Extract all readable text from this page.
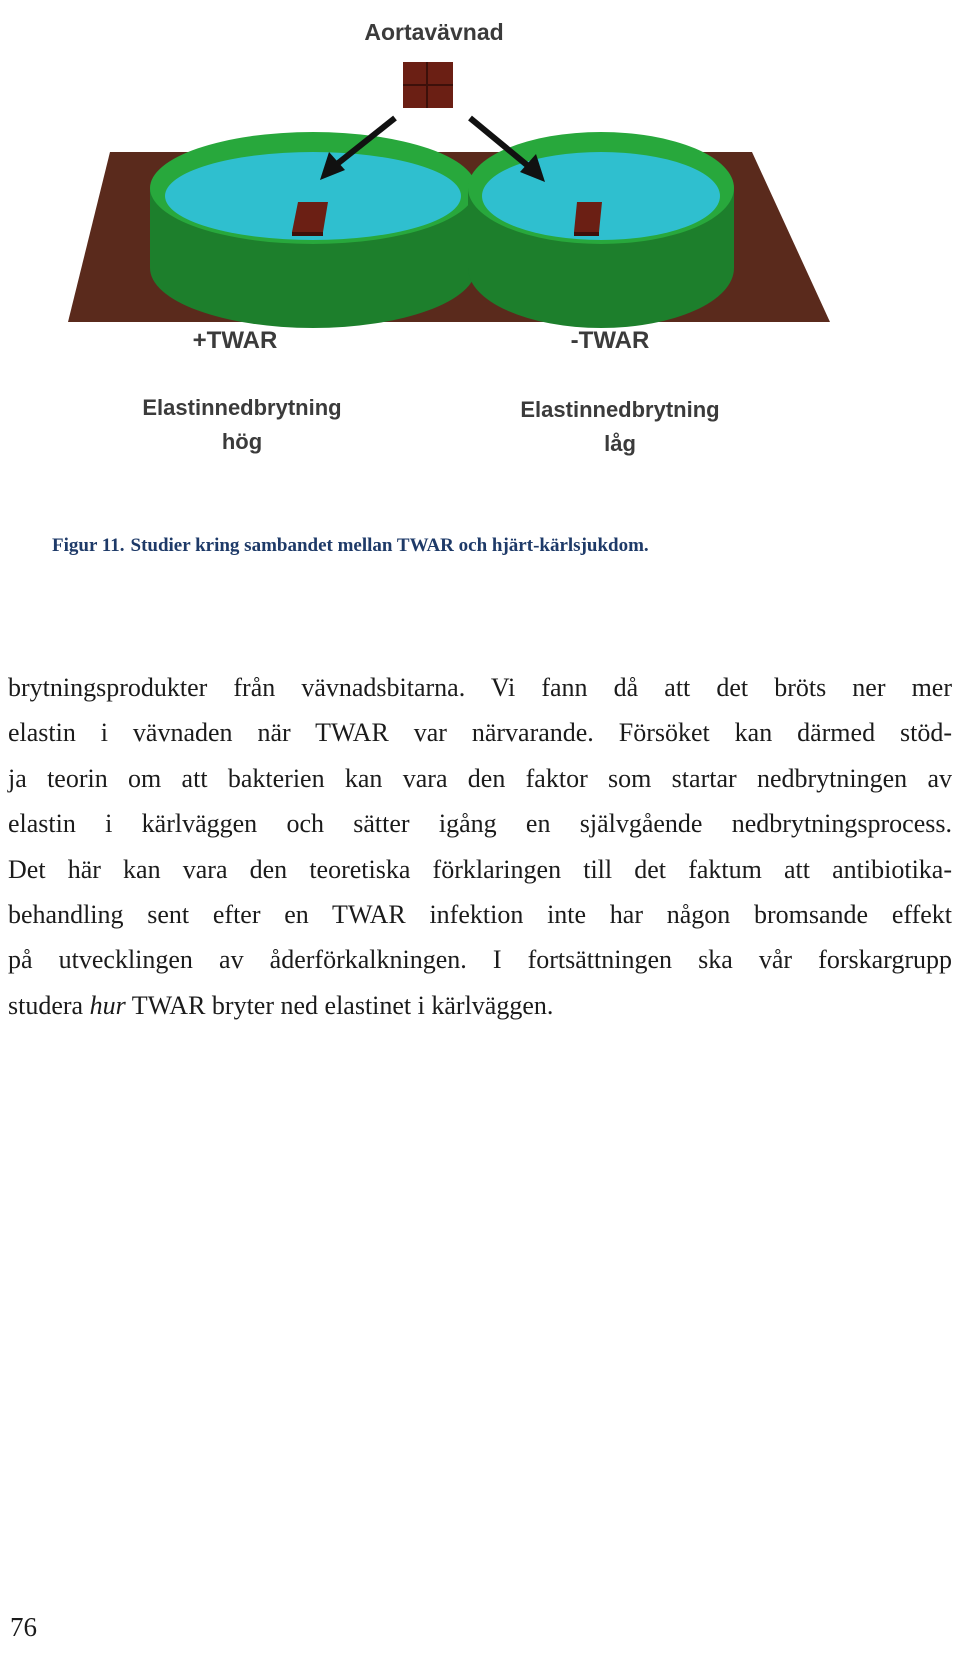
Aortavävnad
+TWAR	-TWAR
Elastinnedbrytning
hög
Elastinnedbrytning
låg
Figur 11. Studier kring sambandet mellan TWAR och hjärt-kärlsjukdom.
brytningsprodukter från vävnadsbitarna. Vi fann då att det bröts ner mer
elastin i vävnaden när TWAR var närvarande. Försöket kan därmed stöd-
ja teorin om att bakterien kan vara den faktor som startar nedbrytningen av
elastin i kärlväggen och sätter igång en självgående nedbrytningsprocess.
Det här kan vara den teoretiska förklaringen till det faktum att antibiotika-
behandling sent efter en TWAR infektion inte har någon bromsande effekt
på utvecklingen av åderförkalkningen. I fortsättningen ska vår forskargrupp
studera hur TWAR bryter ned elastinet i kärlväggen.
76
